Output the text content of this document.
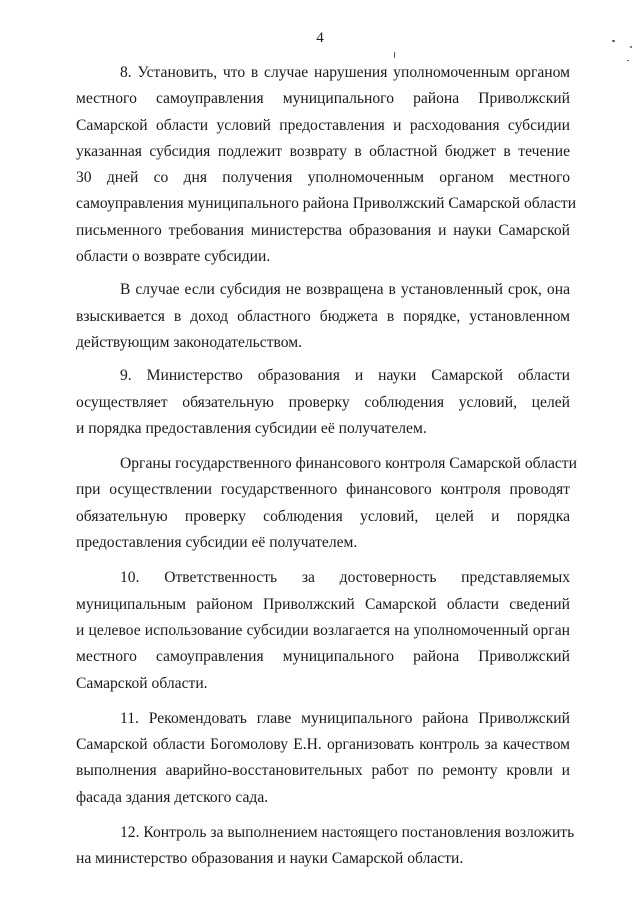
4
8. Установить, что в случае нарушения уполномоченным органом
местного самоуправления муниципального района Приволжский
Самарской области условий предоставления и расходования субсидии
указанная субсидия подлежит возврату в областной бюджет в течение
30 дней со дня получения уполномоченным органом местного
самоуправления муниципального района Приволжский Самарской области
письменного требования министерства образования и науки Самарской
области о возврате субсидии.
В случае если субсидия не возвращена в установленный срок, она
взыскивается в доход областного бюджета в порядке, установленном
действующим законодательством.
9. Министерство образования и науки Самарской области
осуществляет обязательную проверку соблюдения условий, целей
и порядка предоставления субсидии её получателем.
Органы государственного финансового контроля Самарской области
при осуществлении государственного финансового контроля проводят
обязательную проверку соблюдения условий, целей и порядка
предоставления субсидии её получателем.
10. Ответственность за достоверность представляемых
муниципальным районом Приволжский Самарской области сведений
и целевое использование субсидии возлагается на уполномоченный орган
местного самоуправления муниципального района Приволжский
Самарской области.
11. Рекомендовать главе муниципального района Приволжский
Самарской области Богомолову Е.Н. организовать контроль за качеством
выполнения аварийно-восстановительных работ по ремонту кровли и
фасада здания детского сада.
12. Контроль за выполнением настоящего постановления возложить
на министерство образования и науки Самарской области.
